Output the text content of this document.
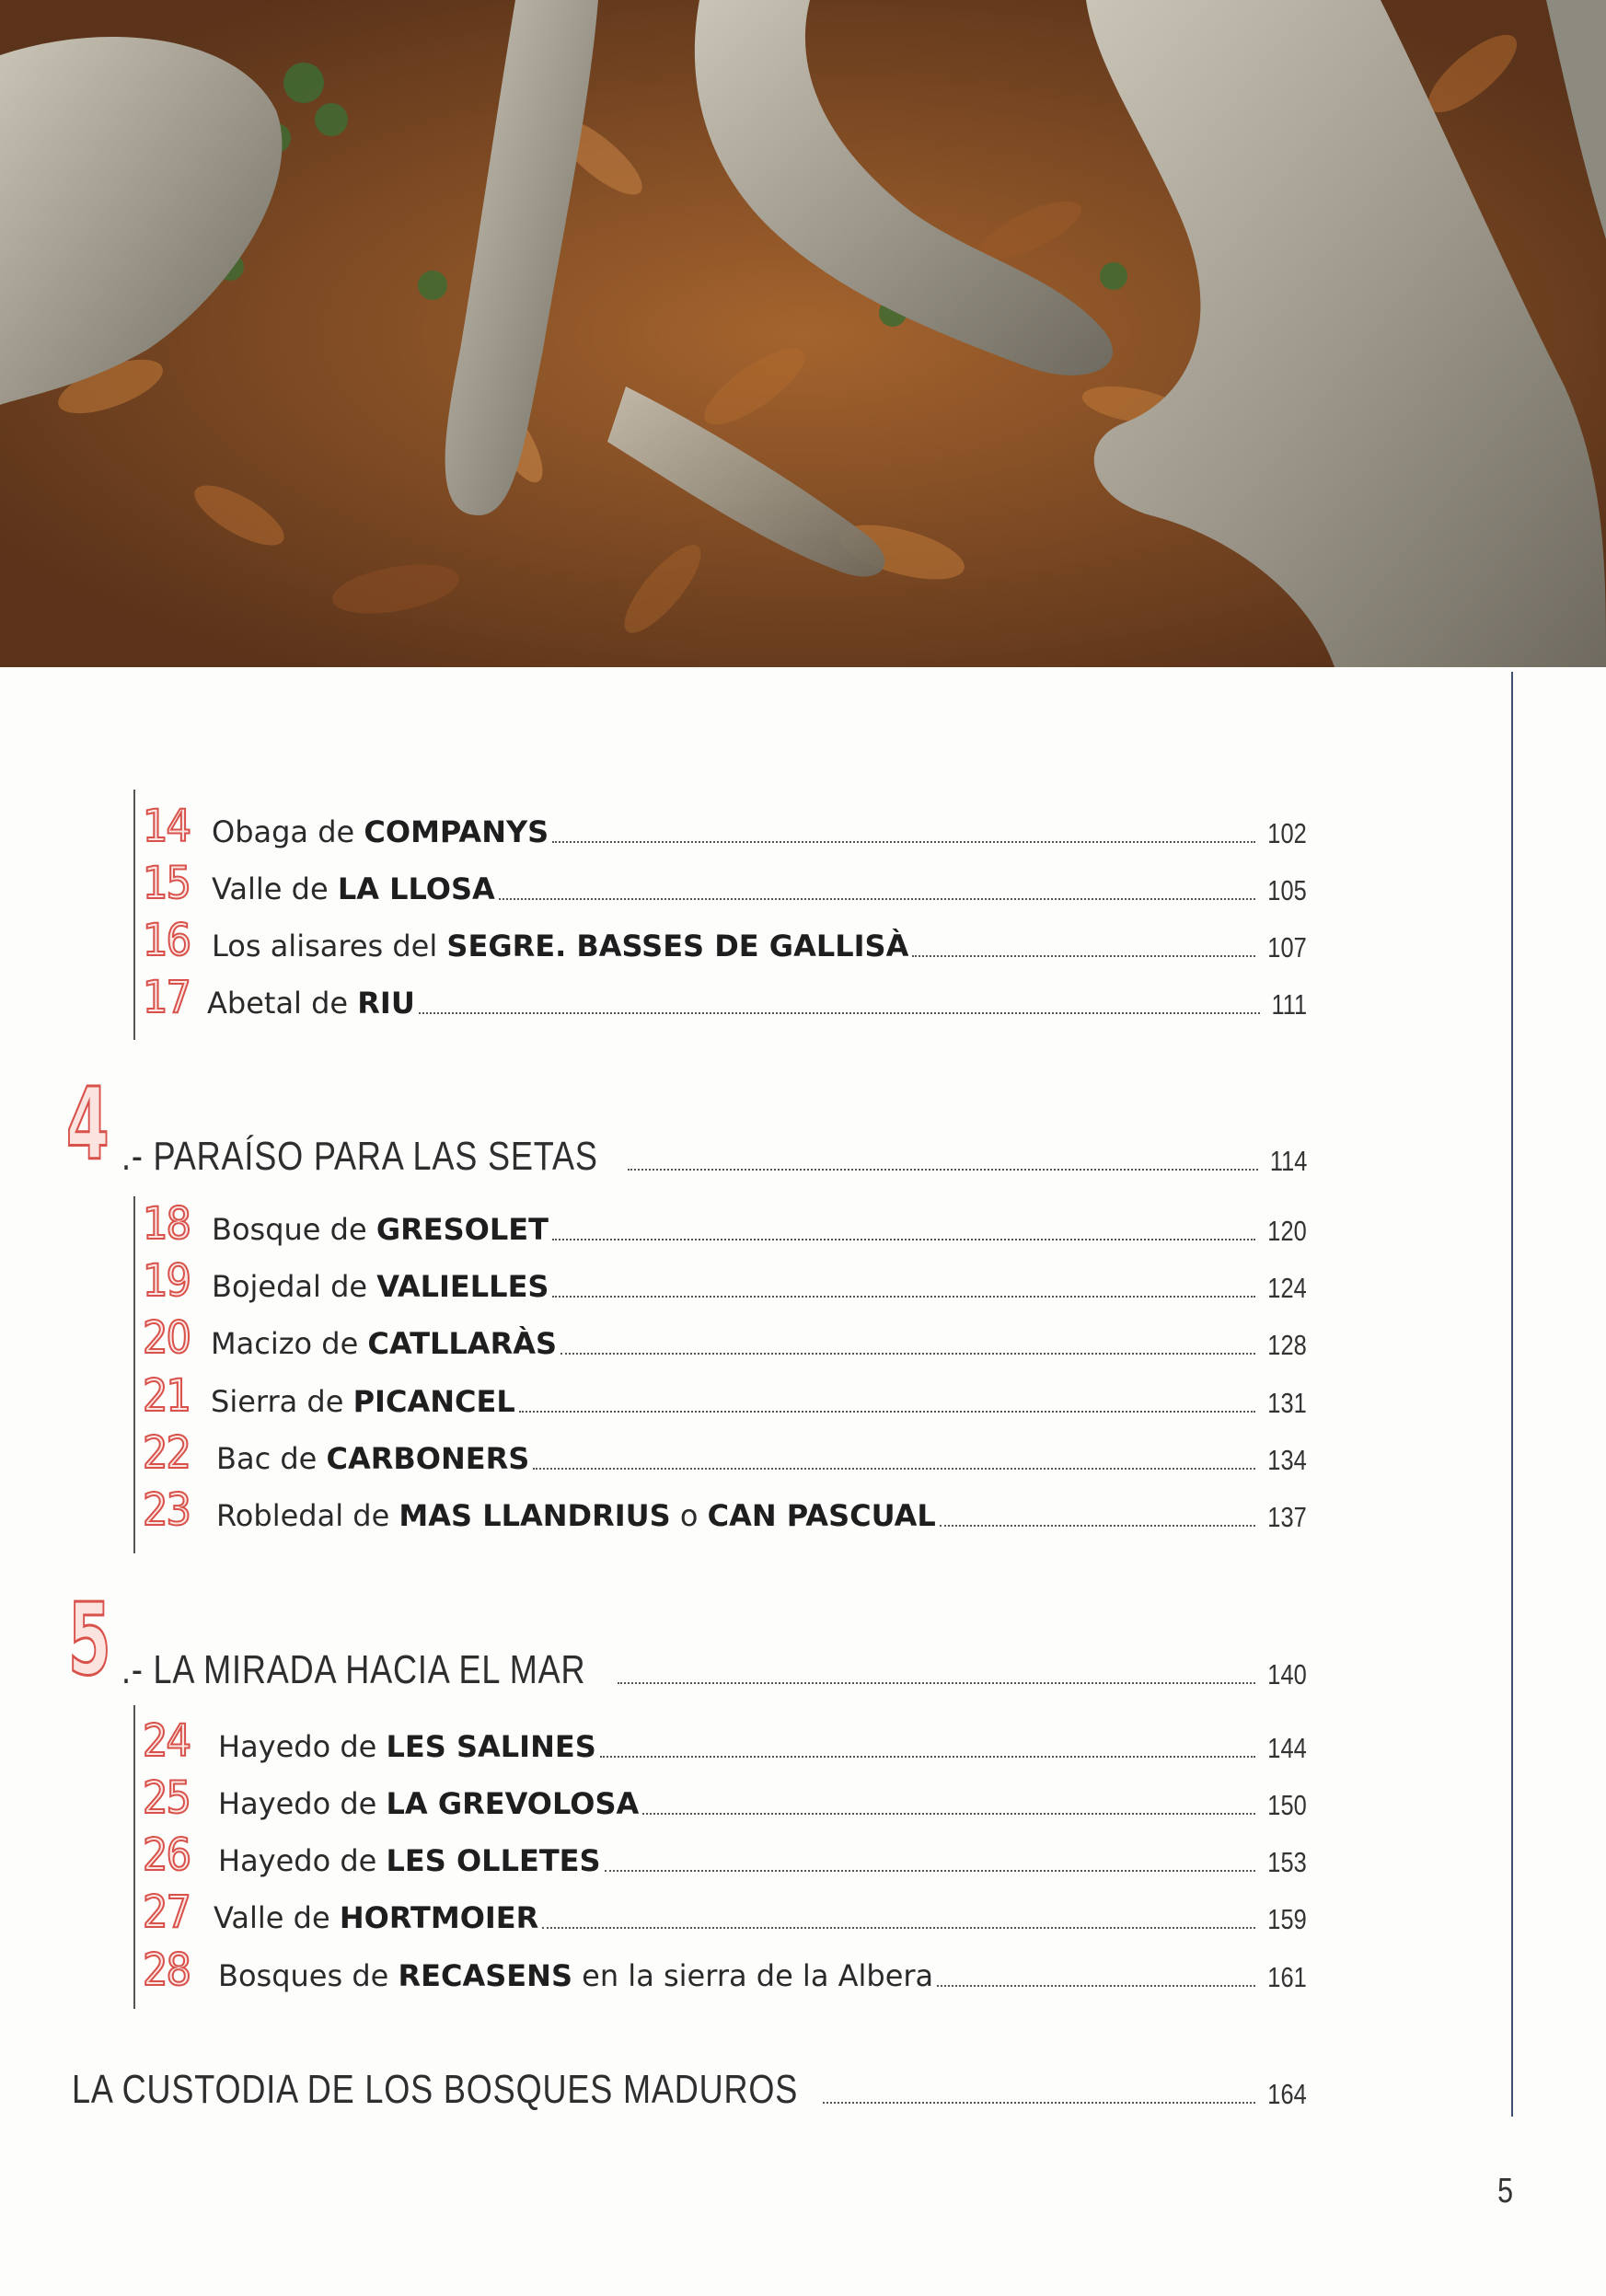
14 Obaga de COMPANYS	102
15 Valle de LA LLOSA	105
16 Los alisares del SEGRE. BASSES DE GALLISÀ	107
17 Abetal de RIU	111
4 .- PARAÍSO PARA LAS SETAS	114
18 Bosque de GRESOLET	120
19 Bojedal de VALIELLES	124
20 Macizo de CATLLARÀS	128
21 Sierra de PICANCEL	131
22 Bac de CARBONERS	134
23 Robledal de MAS LLANDRIUS o CAN PASCUAL	137
5 .- LA MIRADA HACIA EL MAR	140
24 Hayedo de LES SALINES	144
25 Hayedo de LA GREVOLOSA	150
26 Hayedo de LES OLLETES	153
27 Valle de HORTMOIER	159
28 Bosques de RECASENS en la sierra de la Albera	161
LA CUSTODIA DE LOS BOSQUES MADUROS	164
5
